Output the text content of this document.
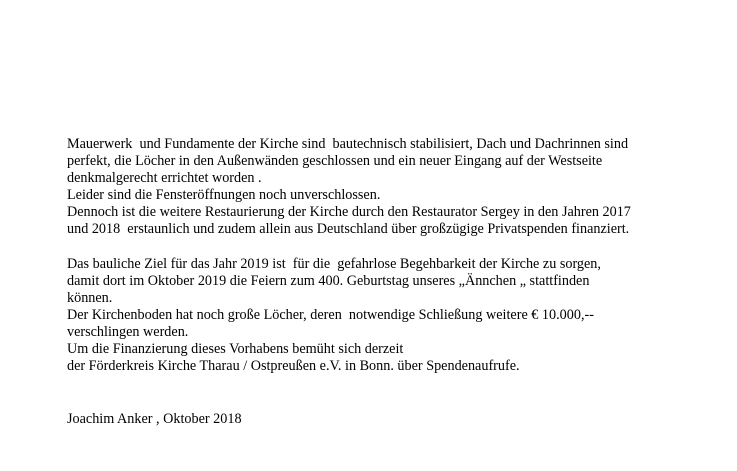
Mauerwerk  und Fundamente der Kirche sind  bautechnisch stabilisiert, Dach und Dachrinnen sind
perfekt, die Löcher in den Außenwänden geschlossen und ein neuer Eingang auf der Westseite
denkmalgerecht errichtet worden .
Leider sind die Fensteröffnungen noch unverschlossen.
Dennoch ist die weitere Restaurierung der Kirche durch den Restaurator Sergey in den Jahren 2017
und 2018  erstaunlich und zudem allein aus Deutschland über großzügige Privatspenden finanziert.
Das bauliche Ziel für das Jahr 2019 ist  für die  gefahrlose Begehbarkeit der Kirche zu sorgen,
damit dort im Oktober 2019 die Feiern zum 400. Geburtstag unseres „Ännchen „ stattfinden
können.
Der Kirchenboden hat noch große Löcher, deren  notwendige Schließung weitere € 10.000,--
verschlingen werden.
Um die Finanzierung dieses Vorhabens bemüht sich derzeit
der Förderkreis Kirche Tharau / Ostpreußen e.V. in Bonn. über Spendenaufrufe.
Joachim Anker , Oktober 2018
